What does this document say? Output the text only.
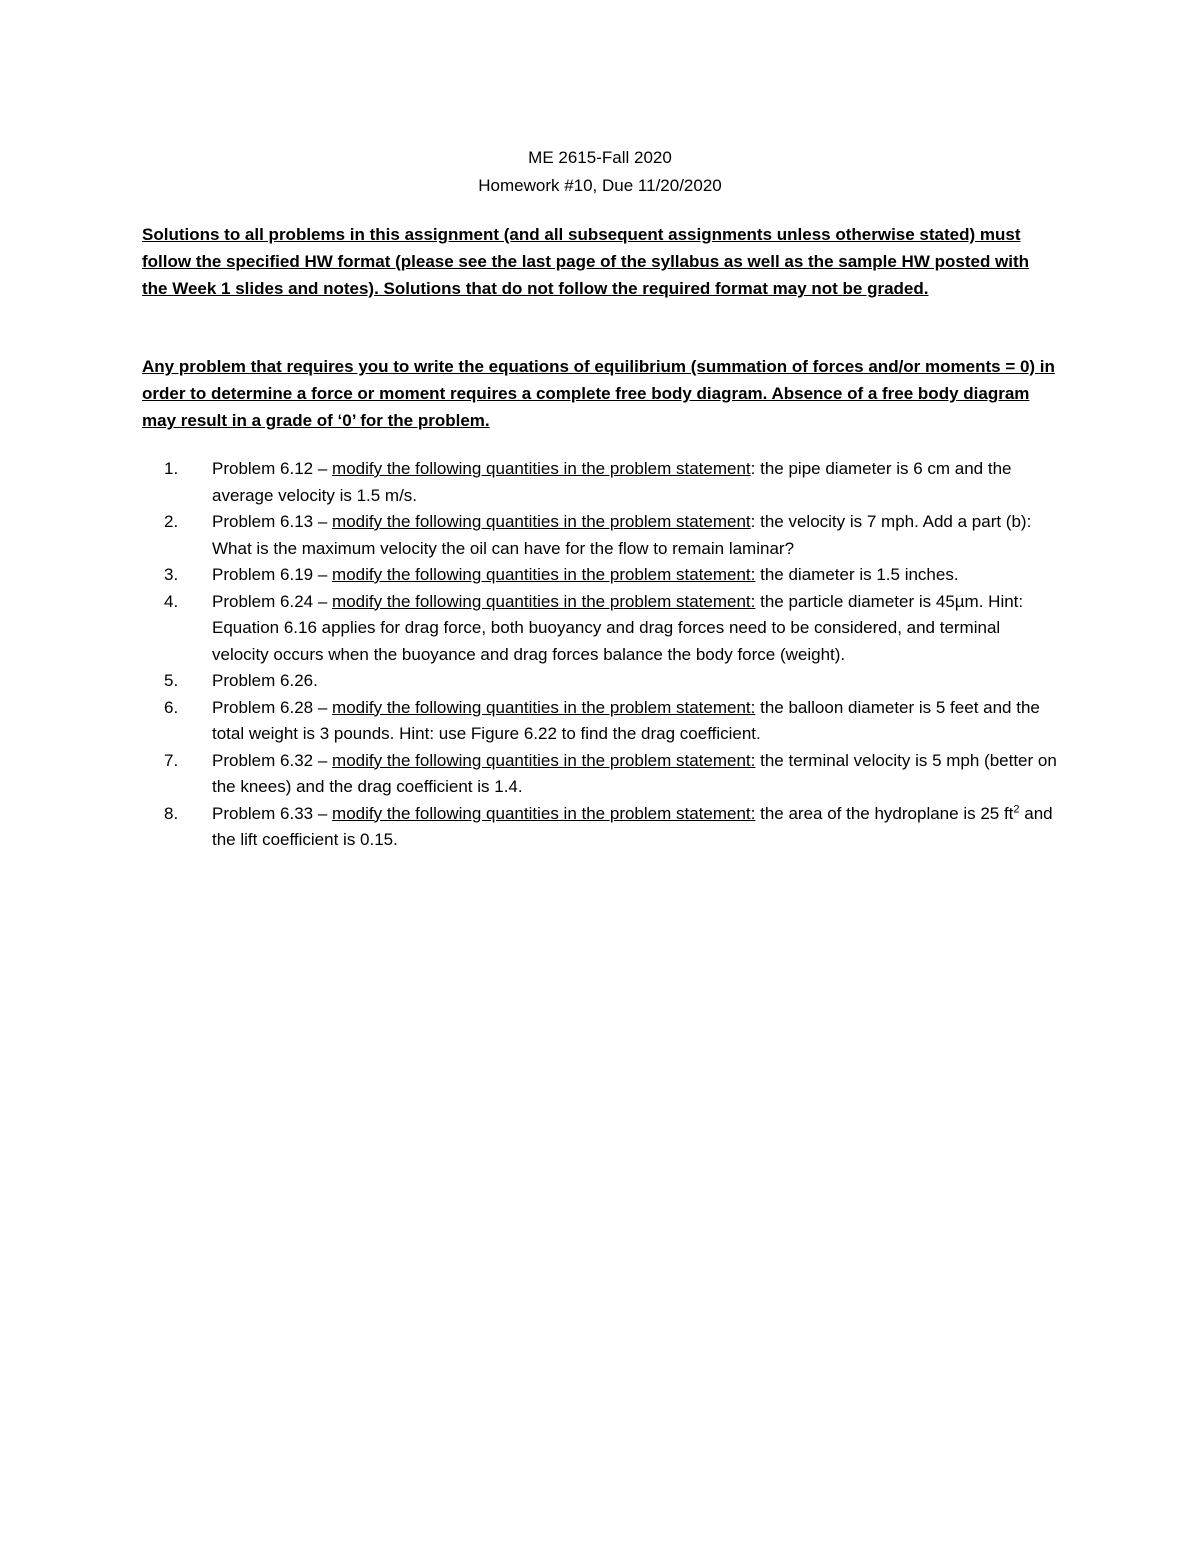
ME 2615-Fall 2020
Homework #10, Due 11/20/2020
Solutions to all problems in this assignment (and all subsequent assignments unless otherwise stated) must follow the specified HW format (please see the last page of the syllabus as well as the sample HW posted with the Week 1 slides and notes). Solutions that do not follow the required format may not be graded.
Any problem that requires you to write the equations of equilibrium (summation of forces and/or moments = 0) in order to determine a force or moment requires a complete free body diagram. Absence of a free body diagram may result in a grade of ‘0’ for the problem.
1. Problem 6.12 – modify the following quantities in the problem statement: the pipe diameter is 6 cm and the average velocity is 1.5 m/s.
2. Problem 6.13 – modify the following quantities in the problem statement: the velocity is 7 mph. Add a part (b): What is the maximum velocity the oil can have for the flow to remain laminar?
3. Problem 6.19 – modify the following quantities in the problem statement: the diameter is 1.5 inches.
4. Problem 6.24 – modify the following quantities in the problem statement: the particle diameter is 45µm. Hint: Equation 6.16 applies for drag force, both buoyancy and drag forces need to be considered, and terminal velocity occurs when the buoyance and drag forces balance the body force (weight).
5. Problem 6.26.
6. Problem 6.28 – modify the following quantities in the problem statement: the balloon diameter is 5 feet and the total weight is 3 pounds. Hint: use Figure 6.22 to find the drag coefficient.
7. Problem 6.32 – modify the following quantities in the problem statement: the terminal velocity is 5 mph (better on the knees) and the drag coefficient is 1.4.
8. Problem 6.33 – modify the following quantities in the problem statement: the area of the hydroplane is 25 $ft^2$ and the lift coefficient is 0.15.
